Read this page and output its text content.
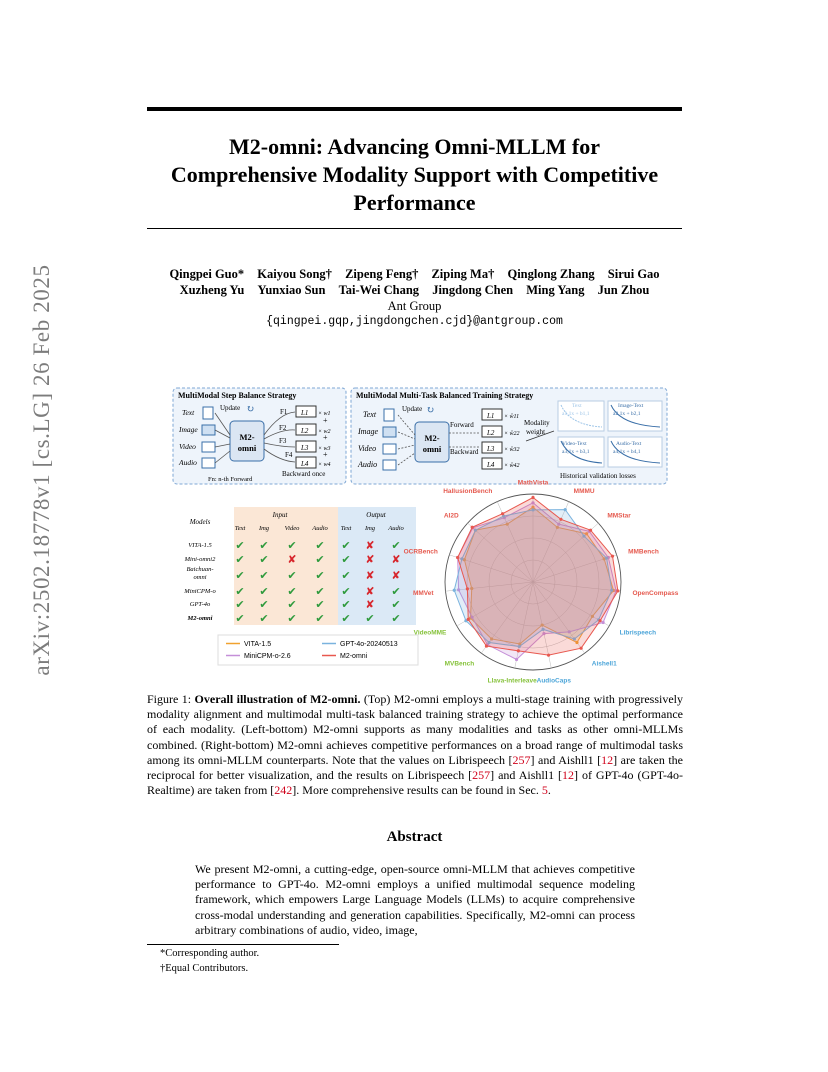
arXiv:2502.18778v1 [cs.LG] 26 Feb 2025
M2-omni: Advancing Omni-MLLM for
Comprehensive Modality Support with Competitive
Performance
Qingpei Guo* Kaiyou Song† Zipeng Feng† Ziping Ma† Qinglong Zhang Sirui Gao
Xuzheng Yu Yunxiao Sun Tai-Wei Chang Jingdong Chen Ming Yang Jun Zhou
Ant Group
{qingpei.gqp,jingdongchen.cjd}@antgroup.com
MultiModal Step Balance Strategy
Text
Image
Video
Audio
Update ↻
M2-
omni
F1
F2
F3
F4
L1
L2
L3
L4
× w1
× w2
× w3
× w4
+
+
+
Backward once
Fn: n-th Forward
MultiModal Multi-Task Balanced Training Strategy
Text
Image
Video
Audio
Update ↻
M2-
omni
Forward
Backward
L1
L2
L3
L4
× ŵ11
× ŵ22
× ŵ32
× ŵ42
Modality
weight
Text
a1,1x + b1,1
Image-Text
a2,1x + b2,1
Video-Text
a3,1x + b3,1
Audio-Text
a4,1x + b4,1
Historical validation losses
Input	Output
Models
Text Img Video Audio Text Img Audio
VITA-1.5 ✔ ✔ ✔ ✔ ✔ ✘ ✔
Mini-omni2 ✔ ✔ ✘ ✔ ✔ ✘ ✘
Baichuan-
omni	✔ ✔ ✔ ✔ ✔ ✘ ✘
MiniCPM-o ✔ ✔ ✔ ✔ ✔ ✘ ✔
GPT-4o ✔ ✔ ✔ ✔ ✔ ✘ ✔
M2-omni ✔ ✔ ✔ ✔ ✔ ✔ ✔
VITA-1.5	GPT-4o-20240513
MiniCPM-o-2.6	M2-omni
MathVista
MMMU
MMStar
MMBench
OpenCompass
Librispeech
Aishell1
AudioCaps
Llava-Interleave
MVBench
VideoMME
MMVet
OCRBench
AI2D
HallusionBench
Figure 1: Overall illustration of M2-omni. (Top) M2-omni employs a multi-stage training with progressively modality alignment and multimodal multi-task balanced training strategy to achieve the optimal performance of each modality. (Left-bottom) M2-omni supports as many modalities and tasks as other omni-MLLMs combined. (Right-bottom) M2-omni achieves competitive performances on a broad range of multimodal tasks among its omni-MLLM counterparts. Note that the values on Librispeech [257] and Aishll1 [12] are taken the reciprocal for better visualization, and the results on Librispeech [257] and Aishll1 [12] of GPT-4o (GPT-4o-Realtime) are taken from [242]. More comprehensive results can be found in Sec. 5.
Abstract
We present M2-omni, a cutting-edge, open-source omni-MLLM that achieves competitive performance to GPT-4o. M2-omni employs a unified multimodal sequence modeling framework, which empowers Large Language Models (LLMs) to acquire comprehensive cross-modal understanding and generation capabilities. Specifically, M2-omni can process arbitrary combinations of audio, video, image,
*Corresponding author.
†Equal Contributors.
